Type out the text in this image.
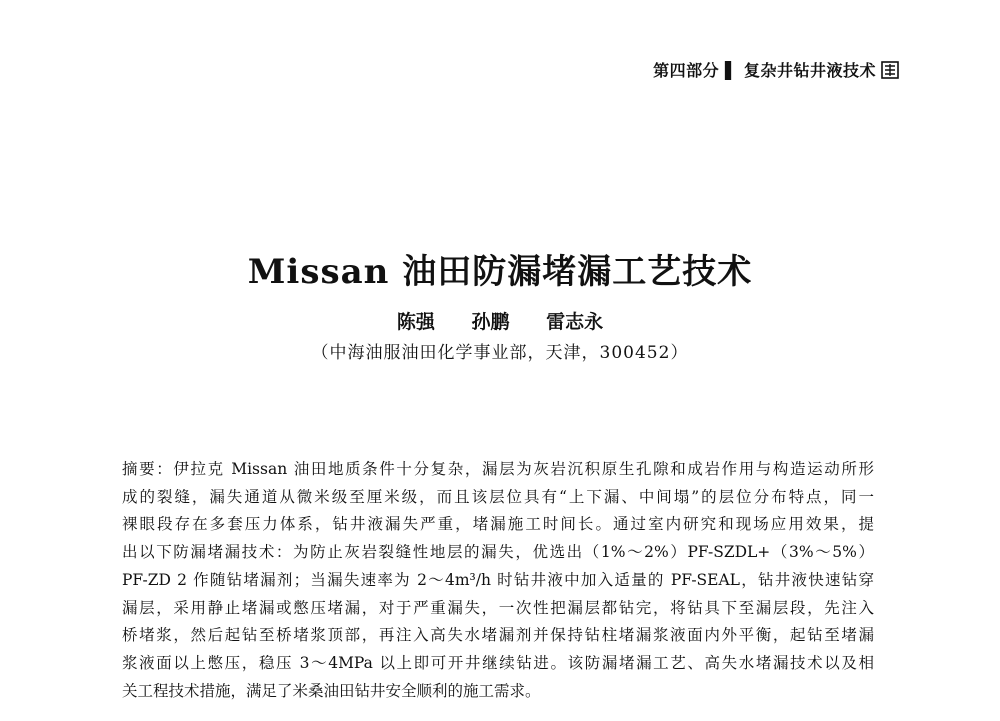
第四部分 ▌ 复杂井钻井液技术
Missan 油田防漏堵漏工艺技术
陈强 孙鹏 雷志永
（中海油服油田化学事业部，天津，300452）
摘要：伊拉克 Missan 油田地质条件十分复杂，漏层为灰岩沉积原生孔隙和成岩作用与构造运动所形
成的裂缝，漏失通道从微米级至厘米级，而且该层位具有“上下漏、中间塌”的层位分布特点，同一
裸眼段存在多套压力体系，钻井液漏失严重，堵漏施工时间长。通过室内研究和现场应用效果，提
出以下防漏堵漏技术：为防止灰岩裂缝性地层的漏失，优选出（1%～2%）PF-SZDL+（3%～5%）
PF-ZD 2 作随钻堵漏剂；当漏失速率为 2～4m³/h 时钻井液中加入适量的 PF-SEAL，钻井液快速钻穿
漏层，采用静止堵漏或憋压堵漏，对于严重漏失，一次性把漏层都钻完，将钻具下至漏层段，先注入
桥堵浆，然后起钻至桥堵浆顶部，再注入高失水堵漏剂并保持钻柱堵漏浆液面内外平衡，起钻至堵漏
浆液面以上憋压，稳压 3～4MPa 以上即可开井继续钻进。该防漏堵漏工艺、高失水堵漏技术以及相
关工程技术措施，满足了米桑油田钻井安全顺利的施工需求。
